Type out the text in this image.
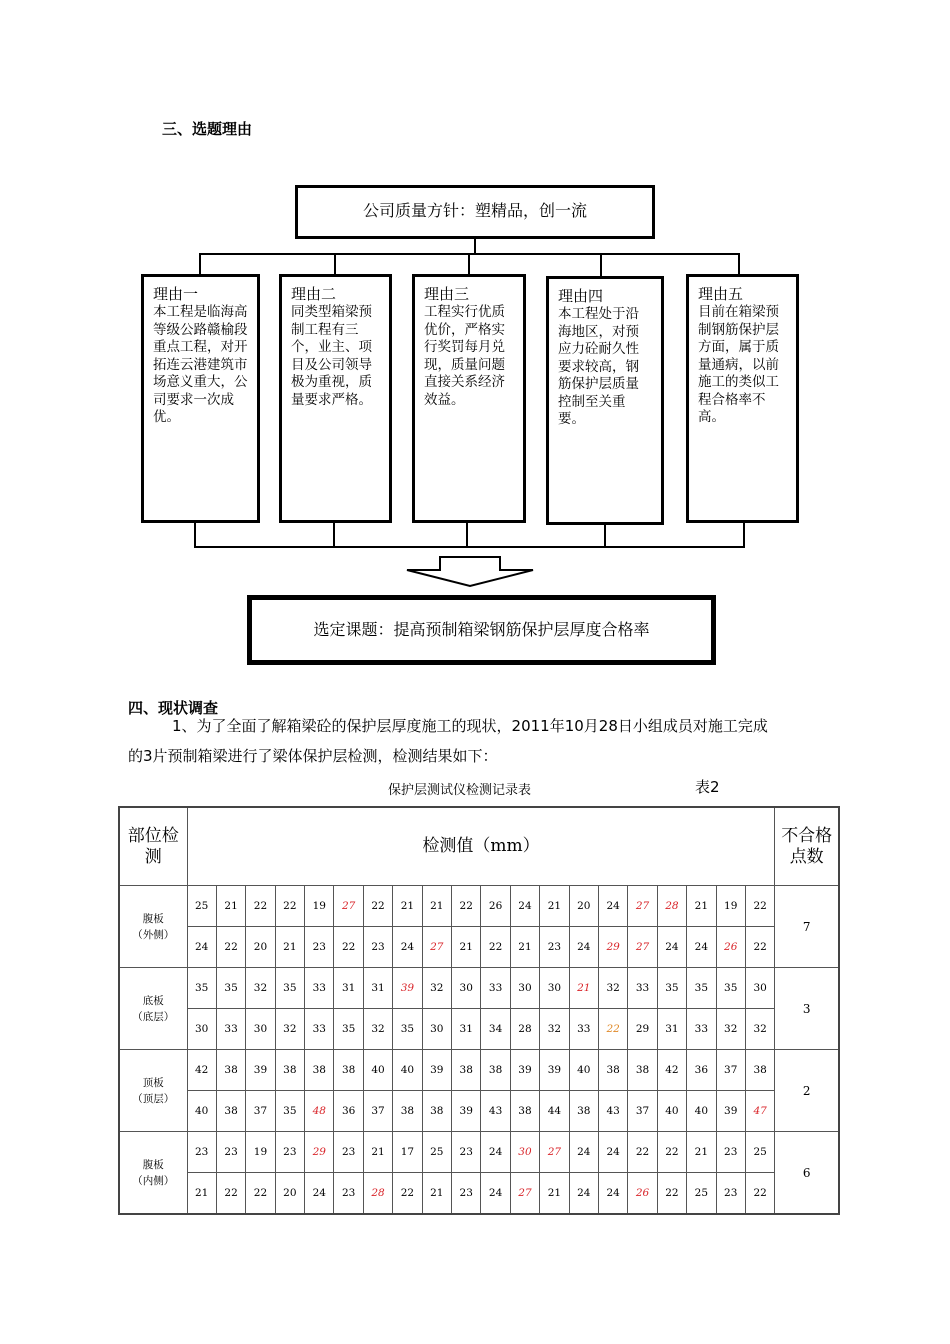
三、选题理由
公司质量方针：塑精品，创一流
理由一
本工程是临海高等级公路赣榆段重点工程，对开拓连云港建筑市场意义重大，公司要求一次成优。
理由二
同类型箱梁预制工程有三个，业主、项目及公司领导极为重视，质量要求严格。
理由三
工程实行优质优价，严格实行奖罚每月兑现，质量问题直接关系经济效益。
理由四
本工程处于沿海地区，对预应力砼耐久性要求较高，钢筋保护层质量控制至关重要。
理由五
目前在箱梁预制钢筋保护层方面，属于质量通病，以前施工的类似工程合格率不高。
选定课题：提高预制箱梁钢筋保护层厚度合格率
四、现状调查
1、为了全面了解箱梁砼的保护层厚度施工的现状，2011年10月28日小组成员对施工完成
的3片预制箱梁进行了梁体保护层检测，检测结果如下：
保护层测试仪检测记录表	表2
部位检测	检测值（mm）																				不合格点数

腹板
（外侧）	25	21	22	22	19	27	22	21	21	22	26	24	21	20	24	27	28	21	19	22	7
	24	22	20	21	23	22	23	24	27	21	22	21	23	24	29	27	24	24	26	22	

底板
（底层）	35	35	32	35	33	31	31	39	32	30	33	30	30	21	32	33	35	35	35	30	3
	30	33	30	32	33	35	32	35	30	31	34	28	32	33	22	29	31	33	32	32	

顶板
（顶层）	42	38	39	38	38	38	40	40	39	38	38	39	39	40	38	38	42	36	37	38	2
	40	38	37	35	48	36	37	38	38	39	43	38	44	38	43	37	40	40	39	47	

腹板
（内侧）	23	23	19	23	29	23	21	17	25	23	24	30	27	24	24	22	22	21	23	25	6
	21	22	22	20	24	23	28	22	21	23	24	27	21	24	24	26	22	25	23	22	
